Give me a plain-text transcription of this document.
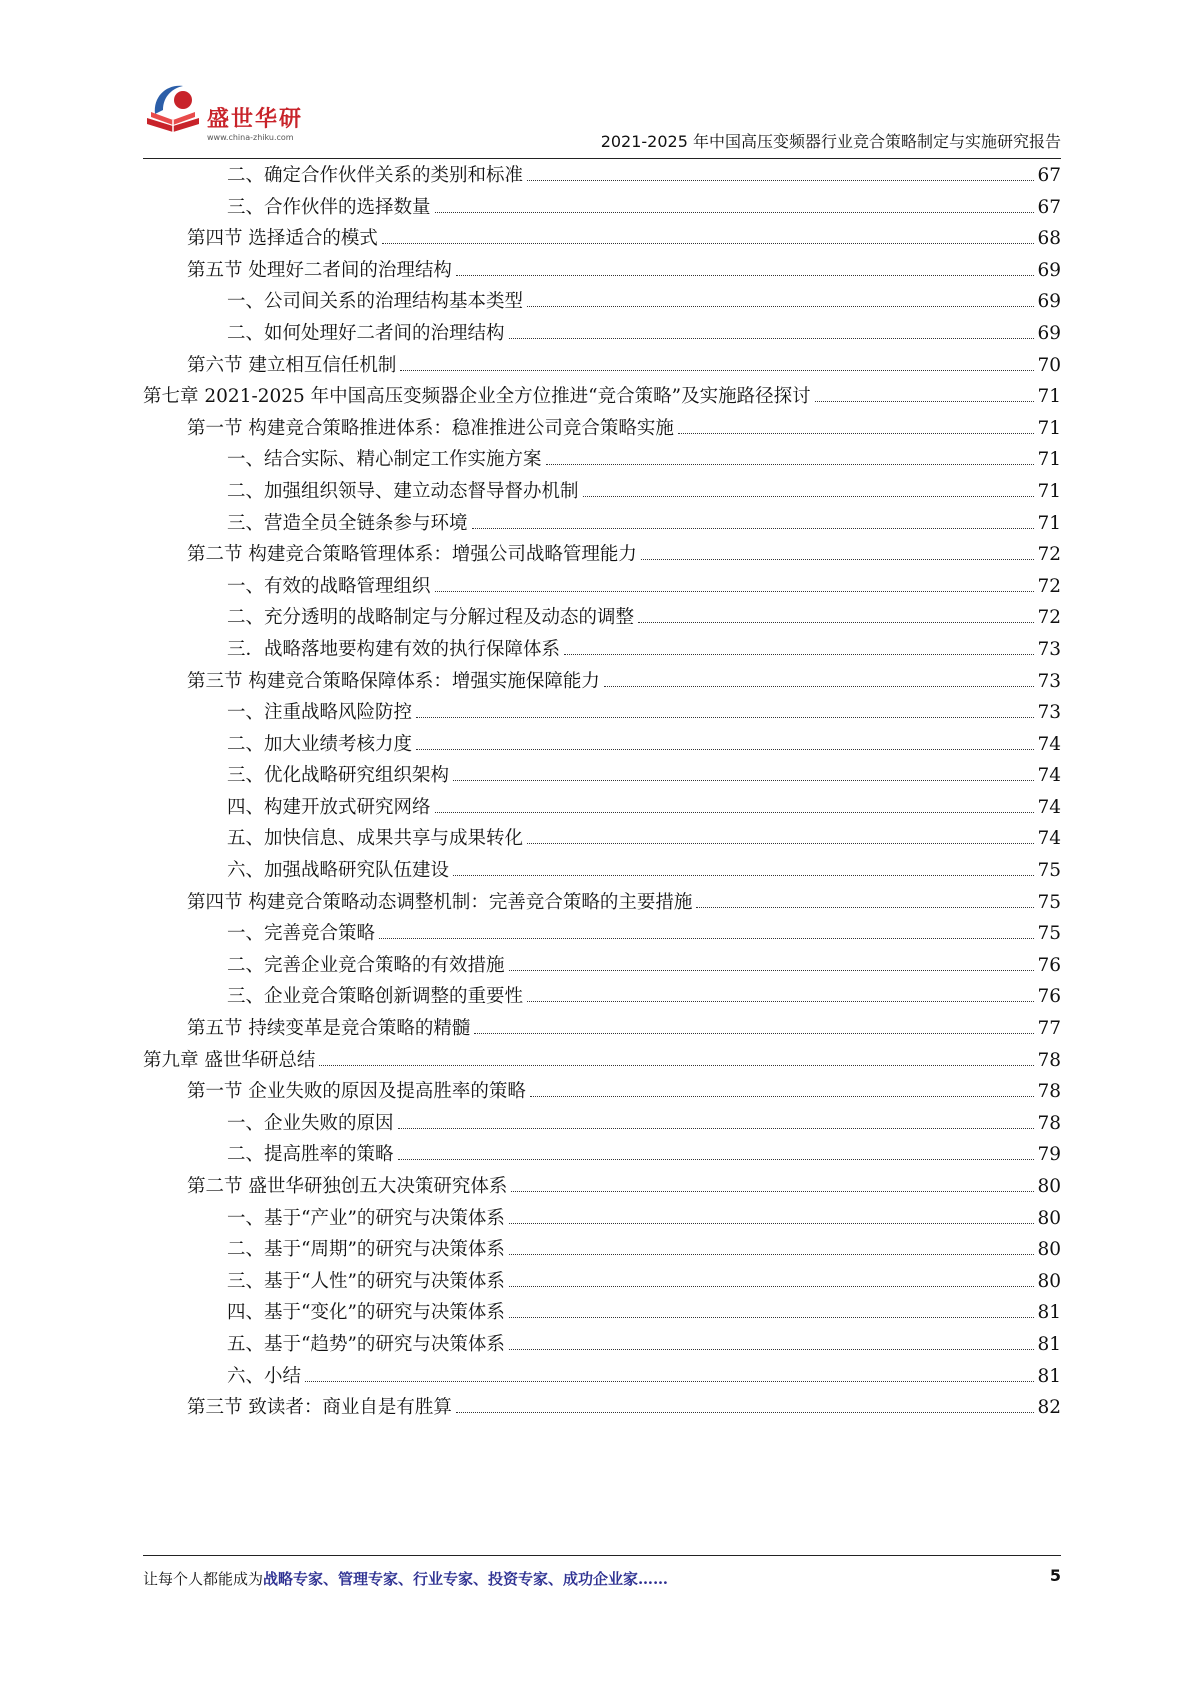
盛世华研
www.china-zhiku.com	2021-2025 年中国高压变频器行业竞合策略制定与实施研究报告
二、确定合作伙伴关系的类别和标准	67
三、合作伙伴的选择数量	67
第四节 选择适合的模式	68
第五节 处理好二者间的治理结构	69
一、公司间关系的治理结构基本类型	69
二、如何处理好二者间的治理结构	69
第六节 建立相互信任机制	70
第七章 2021-2025 年中国高压变频器企业全方位推进“竞合策略”及实施路径探讨	71
第一节 构建竞合策略推进体系：稳准推进公司竞合策略实施	71
一、结合实际、精心制定工作实施方案	71
二、加强组织领导、建立动态督导督办机制	71
三、营造全员全链条参与环境	71
第二节 构建竞合策略管理体系：增强公司战略管理能力	72
一、有效的战略管理组织	72
二、充分透明的战略制定与分解过程及动态的调整	72
三．战略落地要构建有效的执行保障体系	73
第三节 构建竞合策略保障体系：增强实施保障能力	73
一、注重战略风险防控	73
二、加大业绩考核力度	74
三、优化战略研究组织架构	74
四、构建开放式研究网络	74
五、加快信息、成果共享与成果转化	74
六、加强战略研究队伍建设	75
第四节 构建竞合策略动态调整机制：完善竞合策略的主要措施	75
一、完善竞合策略	75
二、完善企业竞合策略的有效措施	76
三、企业竞合策略创新调整的重要性	76
第五节 持续变革是竞合策略的精髓	77
第九章 盛世华研总结	78
第一节 企业失败的原因及提高胜率的策略	78
一、企业失败的原因	78
二、提高胜率的策略	79
第二节 盛世华研独创五大决策研究体系	80
一、基于“产业”的研究与决策体系	80
二、基于“周期”的研究与决策体系	80
三、基于“人性”的研究与决策体系	80
四、基于“变化”的研究与决策体系	81
五、基于“趋势”的研究与决策体系	81
六、小结	81
第三节 致读者：商业自是有胜算	82
让每个人都能成为战略专家、管理专家、行业专家、投资专家、成功企业家……	5
